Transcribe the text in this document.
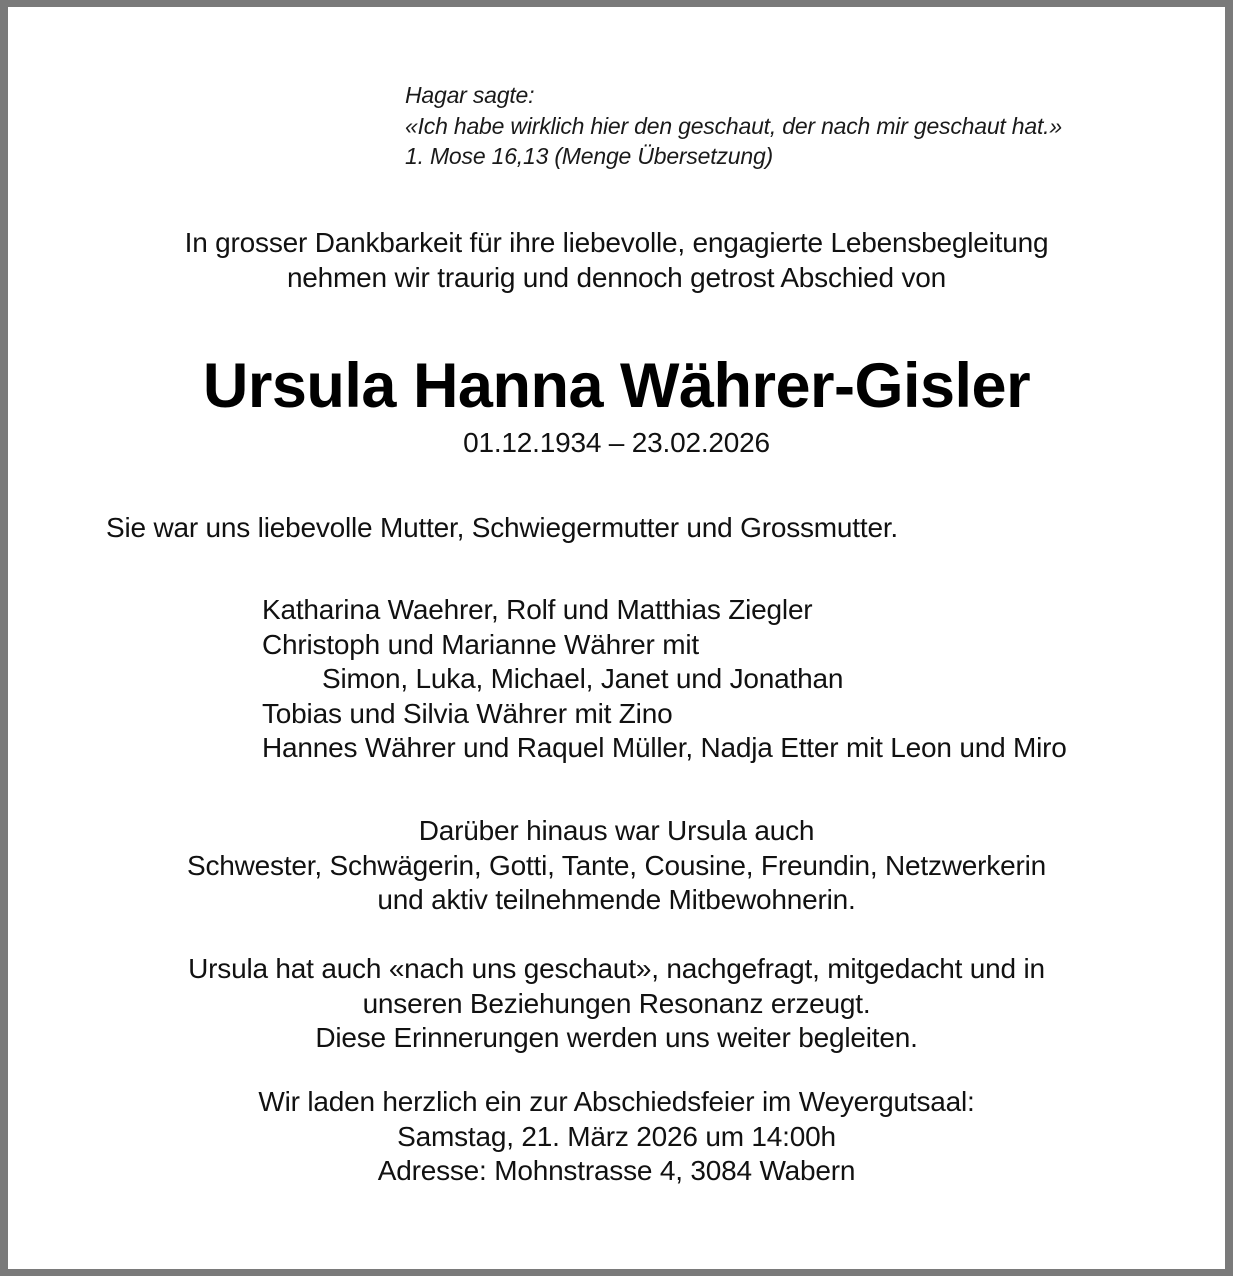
Hagar sagte:
«Ich habe wirklich hier den geschaut, der nach mir geschaut hat.»
1. Mose 16,13 (Menge Übersetzung)
In grosser Dankbarkeit für ihre liebevolle, engagierte Lebensbegleitung
nehmen wir traurig und dennoch getrost Abschied von
Ursula Hanna Währer-Gisler
01.12.1934 – 23.02.2026
Sie war uns liebevolle Mutter, Schwiegermutter und Grossmutter.
Katharina Waehrer, Rolf und Matthias Ziegler
Christoph und Marianne Währer mit
Simon, Luka, Michael, Janet und Jonathan
Tobias und Silvia Währer mit Zino
Hannes Währer und Raquel Müller, Nadja Etter mit Leon und Miro
Darüber hinaus war Ursula auch
Schwester, Schwägerin, Gotti, Tante, Cousine, Freundin, Netzwerkerin
und aktiv teilnehmende Mitbewohnerin.
Ursula hat auch «nach uns geschaut», nachgefragt, mitgedacht und in
unseren Beziehungen Resonanz erzeugt.
Diese Erinnerungen werden uns weiter begleiten.
Wir laden herzlich ein zur Abschiedsfeier im Weyergutsaal:
Samstag, 21. März 2026 um 14:00h
Adresse: Mohnstrasse 4, 3084 Wabern
